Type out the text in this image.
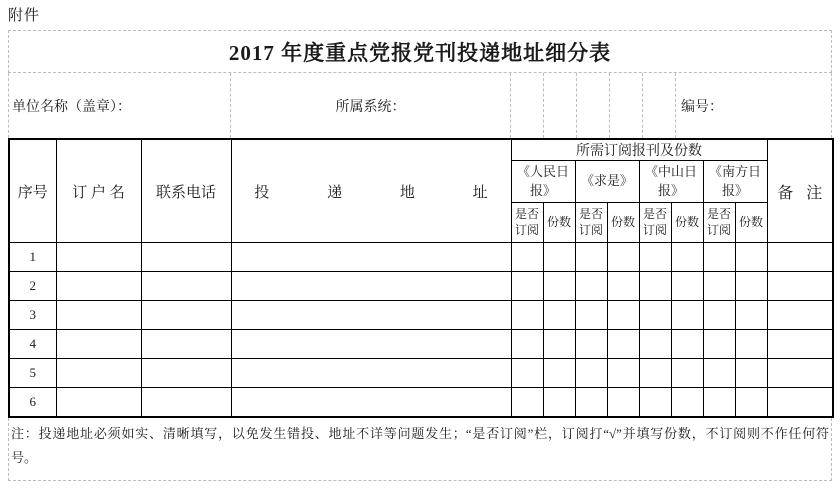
附件
2017 年度重点党报党刊投递地址细分表
单位名称（盖章）：	所属系统：	编号：
序号	订 户 名	联系电话	投 递 地 址	所需订阅报刊及份数								备 注
				《人民日报》		《求是》		《中山日报》		《南方日报》		
				是否订阅	份数	是否订阅	份数	是否订阅	份数	是否订阅	份数	
1												
2												
3												
4												
5												
6												
注：投递地址必须如实、清晰填写，以免发生错投、地址不详等问题发生；“是否订阅”栏，订阅打“√”并填写份数，不订阅则不作任何符
号。
